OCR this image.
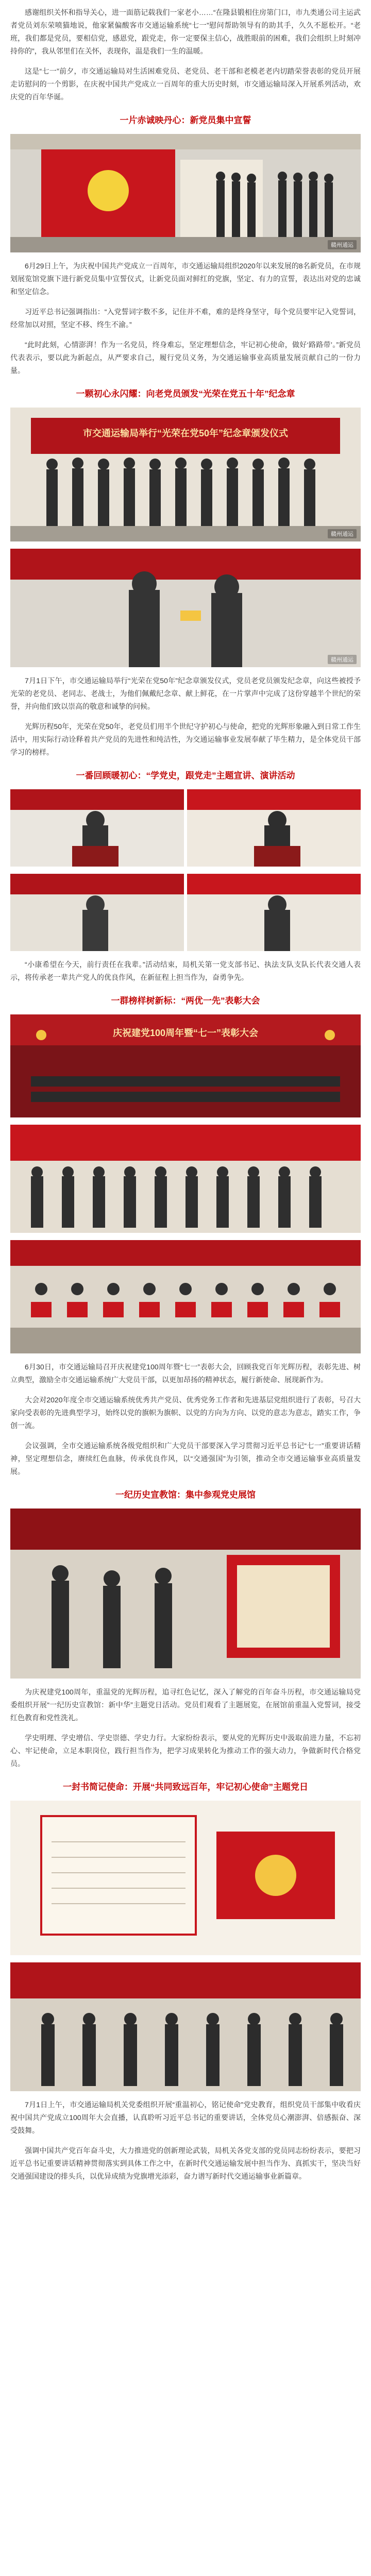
感谢组织关怀和指导关心，进一面筋记载我们一家老小……“在隆县锻相住房第门口，市九类通公司主运武者党员刘东荣喷猫地说，他家紧偏酸客市交通运输系统“七一”慰问帮助领导有的助其手，久久不愿松开。“老班，我们都是党员，要相信党，感恩党，跟党走，你一定要保主信心，战胜眼前的困难，我们会组织上时刻冲持你的”，我从邻里们在关怀，表现你，温是我们一生的温暖。

这是“七一”前夕，市交通运输局对生活困难党员、老党员、老干部和老模老老内切踏荣誉表彰的党员开展走访慰问的一个剪影，在庆祝中国共产党成立一百周年的重大历史时刻，市交通运输局深入开展系列活动，欢庆党的百年华诞。

一片赤诚映丹心：新党员集中宣誓
赣州通运

6月29日上午，为庆祝中国共产党成立一百周年，市交通运输局组织2020年以来发展的8名新党员，在市规划展览馆党旗下进行新党员集中宣誓仪式，让新党员面对鲜红的党旗，坚定、有力的宣誓，表达出对党的忠诚和坚定信念。

习近平总书记强调指出：“入党誓词字数不多，记住并不难，难的是终身坚守，每个党员要牢记入党誓词，经常加以对照，坚定不移、终生不渝。”

“此时此刻，心情澎湃！作为一名党员，终身难忘，坚定理想信念，牢记初心使命，做好‘路路带’。”新党员代表表示，要以此为新起点，从严要求自己，履行党员义务，为交通运输事业高质量发展贡献自己的一份力量。

一颗初心永闪耀：向老党员颁发“光荣在党五十年”纪念章
市交通运输局举行“光荣在党50年”纪念章颁发仪式
赣州通运
赣州通运

7月1日下午，市交通运输局举行“光荣在党50年”纪念章颁发仪式，党员老党员颁发纪念章，向这些被授予光荣的老党员、老同志、老战士，为他们佩戴纪念章、献上鲜花，在一片掌声中完成了这份穿越半个世纪的荣誉，并向他们致以崇高的敬意和诚挚的问候。

光辉历程50年，光荣在党50年，老党员们用半个世纪守护初心与使命，把党的光辉形象融入到日常工作生活中，用实际行动诠释着共产党员的先进性和纯洁性，为交通运输事业发展奉献了毕生精力，是全体党员干部学习的榜样。

一番回顾暖初心：“学党史，跟党走”主题宣讲、演讲活动

“小康希望在今天，前行责任在我辈。”活动结束，局机关第一党支部书记、执法支队支队长代表交通人表示，将传承老一辈共产党人的优良作风，在新征程上担当作为，奋勇争先。

一群榜样树新标：“两优一先”表彰大会
庆祝建党100周年暨“七一”表彰大会

6月30日，市交通运输局召开庆祝建党100周年暨“七一”表彰大会，回顾我党百年光辉历程，表彰先进、树立典型，激励全市交通运输系统广大党员干部，以更加昂扬的精神状态，履行新使命、展现新作为。

大会对2020年度全市交通运输系统优秀共产党员、优秀党务工作者和先进基层党组织进行了表彰，号召大家向受表彰的先进典型学习，始终以党的旗帜为旗帜、以党的方向为方向、以党的意志为意志，踏实工作，争创一流。

会议强调，全市交通运输系统各级党组织和广大党员干部要深入学习贯彻习近平总书记“七一”重要讲话精神，坚定理想信念，赓续红色血脉，传承优良作风，以“交通强国”为引领，推动全市交通运输事业高质量发展。

一纪历史宣教馆：集中参观党史展馆

为庆祝建党100周年，重温党的光辉历程，追寻红色记忆，深入了解党的百年奋斗历程，市交通运输局党委组织开展“一纪历史宣教馆：新中华”主题党日活动。党员们观看了主题展览，在展馆前重温入党誓词，接受红色教育和党性洗礼。

学史明理、学史增信、学史崇德、学史力行。大家纷纷表示，要从党的光辉历史中汲取前进力量，不忘初心、牢记使命，立足本职岗位，践行担当作为，把学习成果转化为推动工作的强大动力，争做新时代合格党员。

一封书简记使命：开展“共同致远百年，牢记初心使命”主题党日

7月1日上午，市交通运输局机关党委组织开展“重温初心，铭记使命”党史教育，组织党员干部集中收看庆祝中国共产党成立100周年大会直播，认真聆听习近平总书记的重要讲话，全体党员心潮澎湃、倍感振奋、深受鼓舞。

强调中国共产党百年奋斗史，大力推进党的创新理论武装，局机关各党支部的党员同志纷纷表示，要把习近平总书记重要讲话精神贯彻落实到具体工作之中，在新时代交通运输发展中担当作为、真抓实干，坚决当好交通强国建设的排头兵，以优异成绩为党旗增光添彩，奋力谱写新时代交通运输事业新篇章。
